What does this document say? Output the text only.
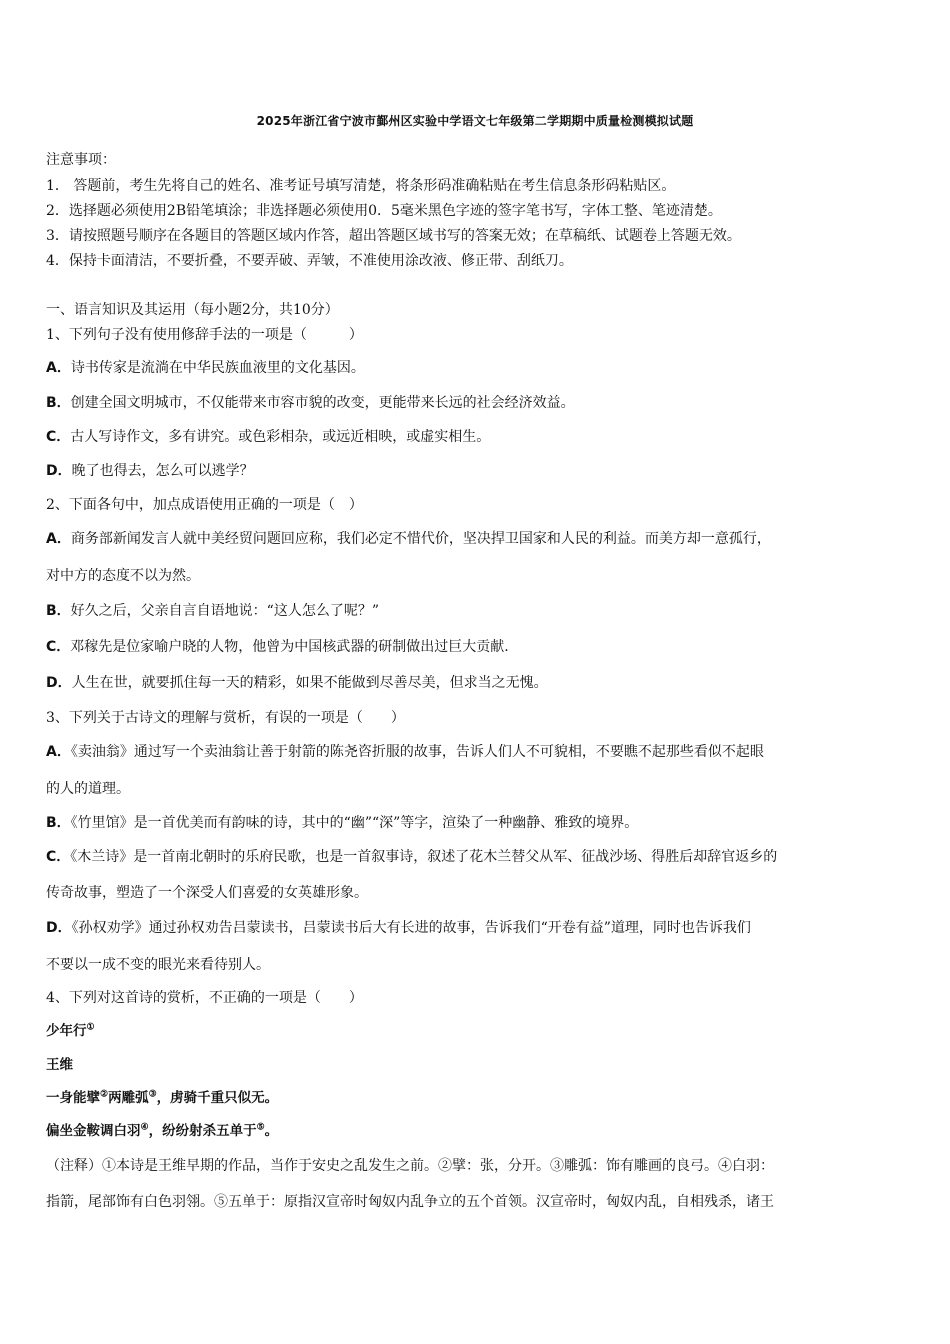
2025年浙江省宁波市鄞州区实验中学语文七年级第二学期期中质量检测模拟试题
注意事项：
1． 答题前，考生先将自己的姓名、准考证号填写清楚，将条形码准确粘贴在考生信息条形码粘贴区。
2．选择题必须使用2B铅笔填涂；非选择题必须使用0．5毫米黑色字迹的签字笔书写，字体工整、笔迹清楚。
3．请按照题号顺序在各题目的答题区域内作答，超出答题区域书写的答案无效；在草稿纸、试题卷上答题无效。
4．保持卡面清洁，不要折叠，不要弄破、弄皱，不准使用涂改液、修正带、刮纸刀。
一、语言知识及其运用（每小题2分，共10分）
1、下列句子没有使用修辞手法的一项是（　　　）
A．诗书传家是流淌在中华民族血液里的文化基因。
B．创建全国文明城市，不仅能带来市容市貌的改变，更能带来长远的社会经济效益。
C．古人写诗作文，多有讲究。或色彩相杂，或远近相映，或虚实相生。
D．晚了也得去，怎么可以逃学？
2、下面各句中，加点成语使用正确的一项是（　）
A．商务部新闻发言人就中美经贸问题回应称，我们必定不惜代价，坚决捍卫国家和人民的利益。而美方却一意孤行，
对中方的态度不以为然。
B．好久之后，父亲自言自语地说：“这人怎么了呢？”
C．邓稼先是位家喻户晓的人物，他曾为中国核武器的研制做出过巨大贡献.
D．人生在世，就要抓住每一天的精彩，如果不能做到尽善尽美，但求当之无愧。
3、下列关于古诗文的理解与赏析，有误的一项是（　　）
A．《卖油翁》通过写一个卖油翁让善于射箭的陈尧咨折服的故事，告诉人们人不可貌相，不要瞧不起那些看似不起眼
的人的道理。
B．《竹里馆》是一首优美而有韵味的诗，其中的“幽”“深”等字，渲染了一种幽静、雅致的境界。
C．《木兰诗》是一首南北朝时的乐府民歌，也是一首叙事诗，叙述了花木兰替父从军、征战沙场、得胜后却辞官返乡的
传奇故事，塑造了一个深受人们喜爱的女英雄形象。
D．《孙权劝学》通过孙权劝告吕蒙读书，吕蒙读书后大有长进的故事，告诉我们“开卷有益”道理，同时也告诉我们
不要以一成不变的眼光来看待别人。
4、下列对这首诗的赏析，不正确的一项是（　　）
少年行①
王维
一身能擘②两雕弧③，虏骑千重只似无。
偏坐金鞍调白羽④，纷纷射杀五单于⑤。
（注释）①本诗是王维早期的作品，当作于安史之乱发生之前。②擘：张，分开。③雕弧：饰有雕画的良弓。④白羽：
指箭，尾部饰有白色羽翎。⑤五单于：原指汉宣帝时匈奴内乱争立的五个首领。汉宣帝时，匈奴内乱，自相残杀，诸王
